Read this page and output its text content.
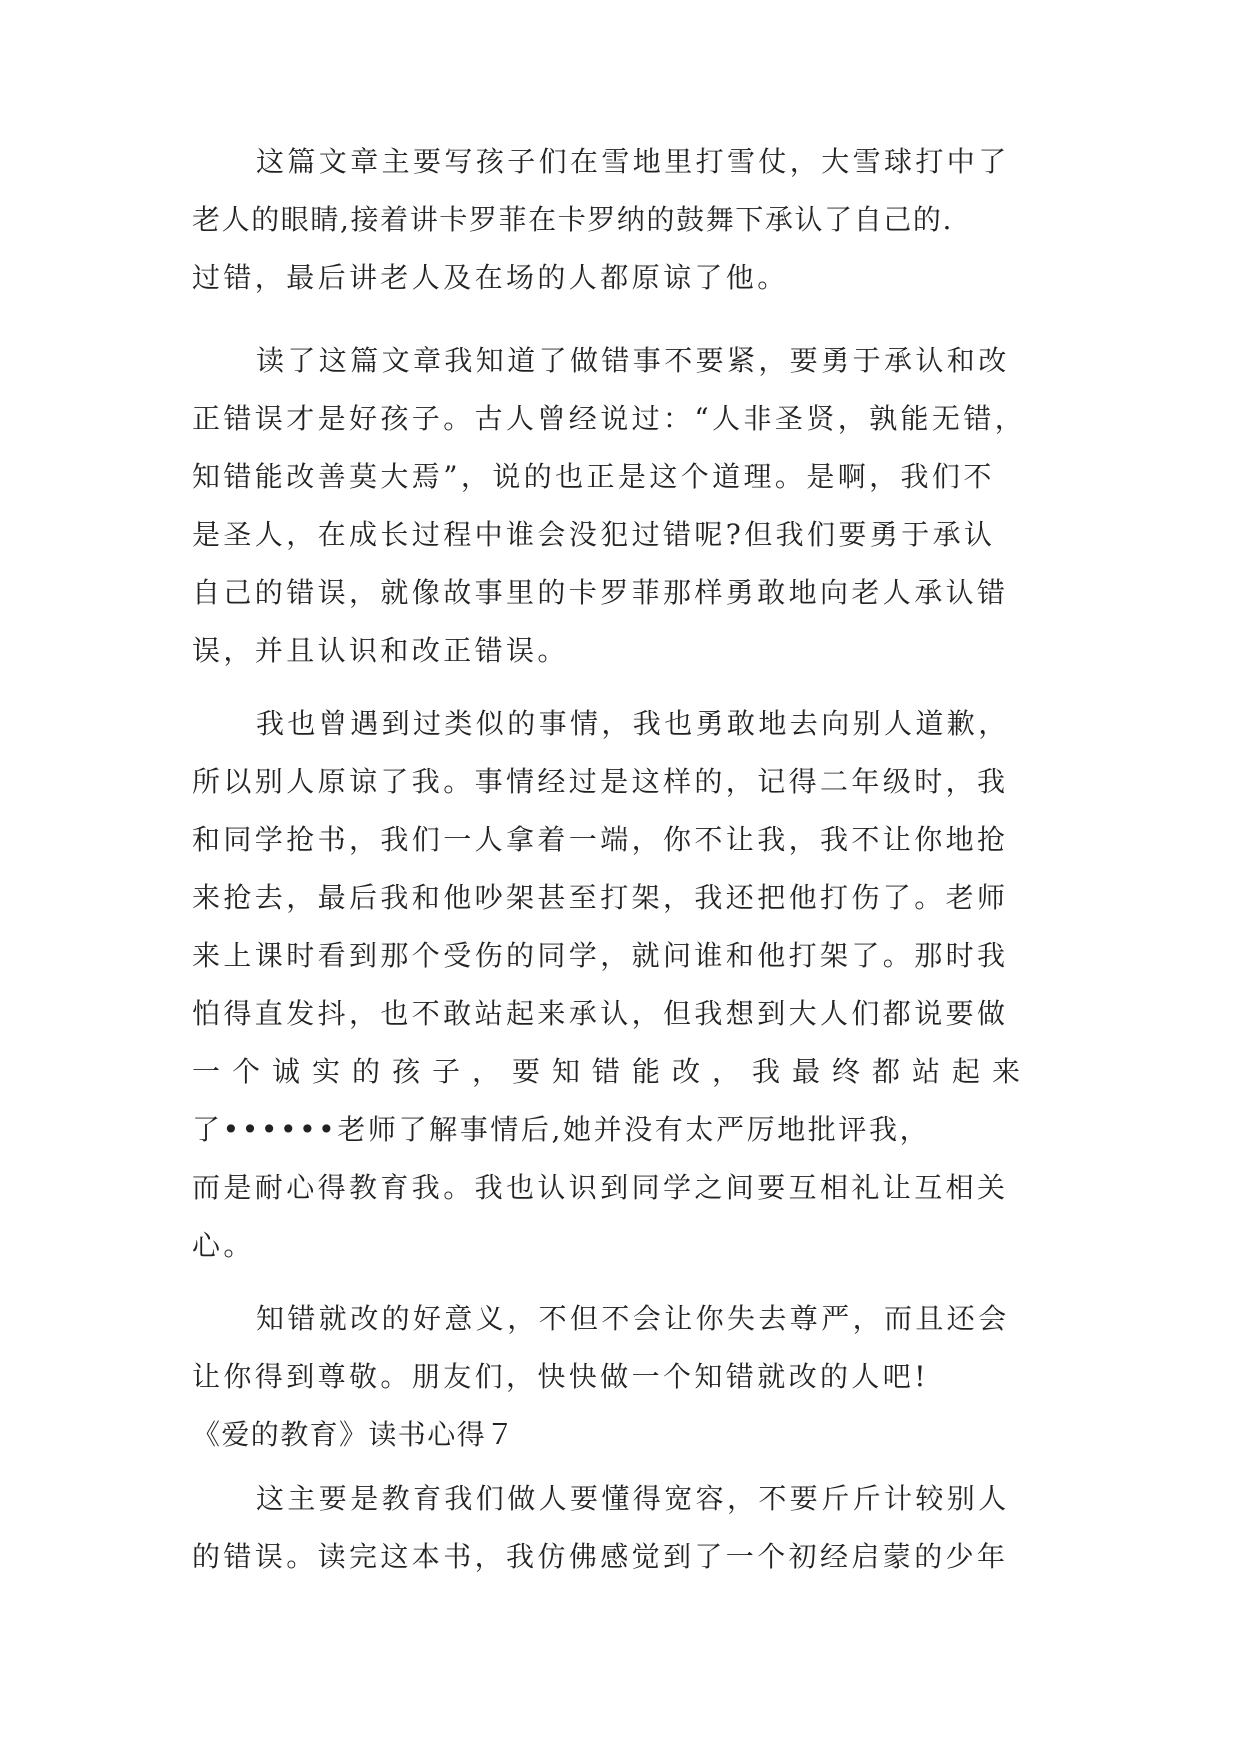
这篇文章主要写孩子们在雪地里打雪仗，大雪球打中了

老人的眼睛,接着讲卡罗菲在卡罗纳的鼓舞下承认了自己的.

过错，最后讲老人及在场的人都原谅了他。

读了这篇文章我知道了做错事不要紧，要勇于承认和改

正错误才是好孩子。古人曾经说过：“人非圣贤，孰能无错，

知错能改善莫大焉”，说的也正是这个道理。是啊，我们不

是圣人，在成长过程中谁会没犯过错呢?但我们要勇于承认

自己的错误，就像故事里的卡罗菲那样勇敢地向老人承认错

误，并且认识和改正错误。

我也曾遇到过类似的事情，我也勇敢地去向别人道歉，

所以别人原谅了我。事情经过是这样的，记得二年级时，我

和同学抢书，我们一人拿着一端，你不让我，我不让你地抢

来抢去，最后我和他吵架甚至打架，我还把他打伤了。老师

来上课时看到那个受伤的同学，就问谁和他打架了。那时我

怕得直发抖，也不敢站起来承认，但我想到大人们都说要做

一个诚实的孩子，要知错能改，我最终都站起来

了••••••老师了解事情后,她并没有太严厉地批评我，

而是耐心得教育我。我也认识到同学之间要互相礼让互相关

心。

知错就改的好意义，不但不会让你失去尊严，而且还会

让你得到尊敬。朋友们，快快做一个知错就改的人吧!

《爱的教育》读书心得７

这主要是教育我们做人要懂得宽容，不要斤斤计较别人

的错误。读完这本书，我仿佛感觉到了一个初经启蒙的少年
